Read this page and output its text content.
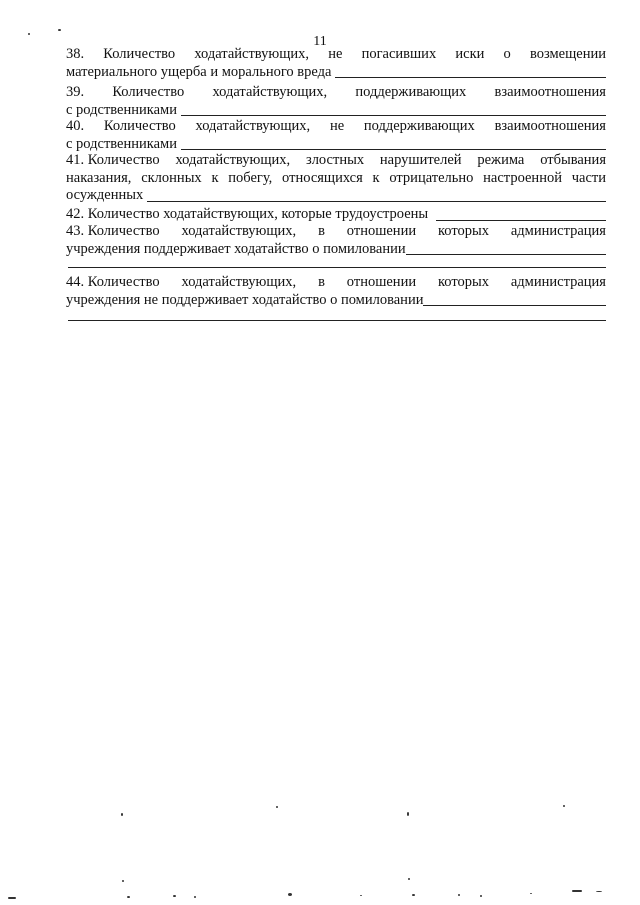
11
38. Количество ходатайствующих, не погасивших иски о возмещении
материального ущерба и морального вреда
39. Количество ходатайствующих, поддерживающих взаимоотношения
с родственниками
40. Количество ходатайствующих, не поддерживающих взаимоотношения
с родственниками
41. Количество ходатайствующих, злостных нарушителей режима отбывания
наказания, склонных к побегу, относящихся к отрицательно настроенной части
осужденных
42. Количество ходатайствующих, которые трудоустроены
43. Количество ходатайствующих, в отношении которых администрация
учреждения поддерживает ходатайство о помиловании
44. Количество ходатайствующих, в отношении которых администрация
учреждения не поддерживает ходатайство о помиловании
